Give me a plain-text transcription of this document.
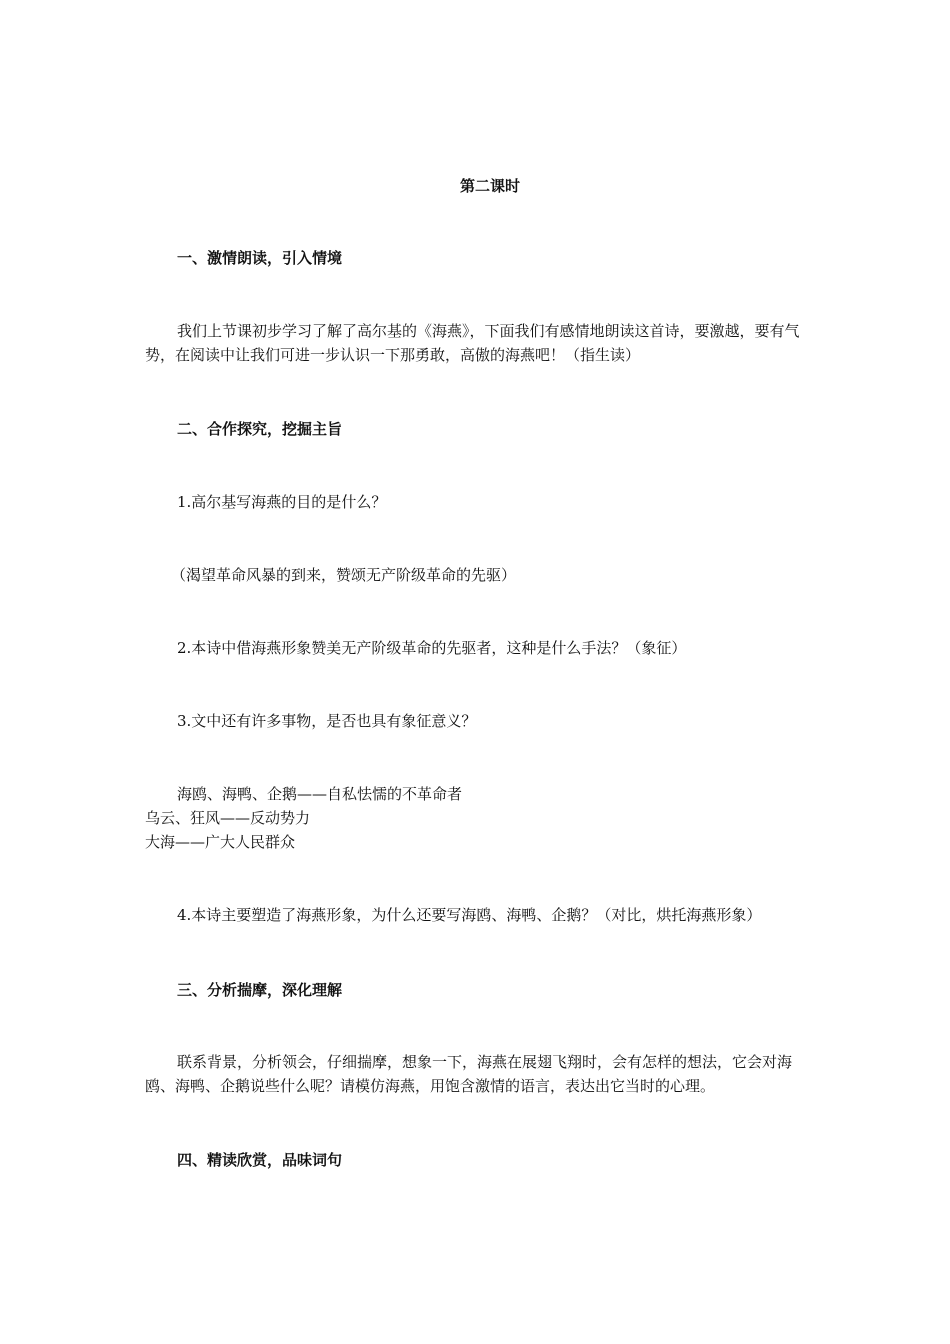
第二课时
一、激情朗读，引入情境

我们上节课初步学习了解了高尔基的《海燕》，下面我们有感情地朗读这首诗，要激越，要有气势，在阅读中让我们可进一步认识一下那勇敢，高傲的海燕吧！（指生读）

二、合作探究，挖掘主旨
1.高尔基写海燕的目的是什么？
（渴望革命风暴的到来，赞颂无产阶级革命的先驱）
2.本诗中借海燕形象赞美无产阶级革命的先驱者，这种是什么手法？（象征）
3.文中还有许多事物，是否也具有象征意义？
海鸥、海鸭、企鹅——自私怯懦的不革命者
乌云、狂风——反动势力
大海——广大人民群众
4.本诗主要塑造了海燕形象，为什么还要写海鸥、海鸭、企鹅？（对比，烘托海燕形象）
三、分析揣摩，深化理解

联系背景，分析领会，仔细揣摩，想象一下，海燕在展翅飞翔时，会有怎样的想法，它会对海鸥、海鸭、企鹅说些什么呢？请模仿海燕，用饱含激情的语言，表达出它当时的心理。

四、精读欣赏，品味词句
